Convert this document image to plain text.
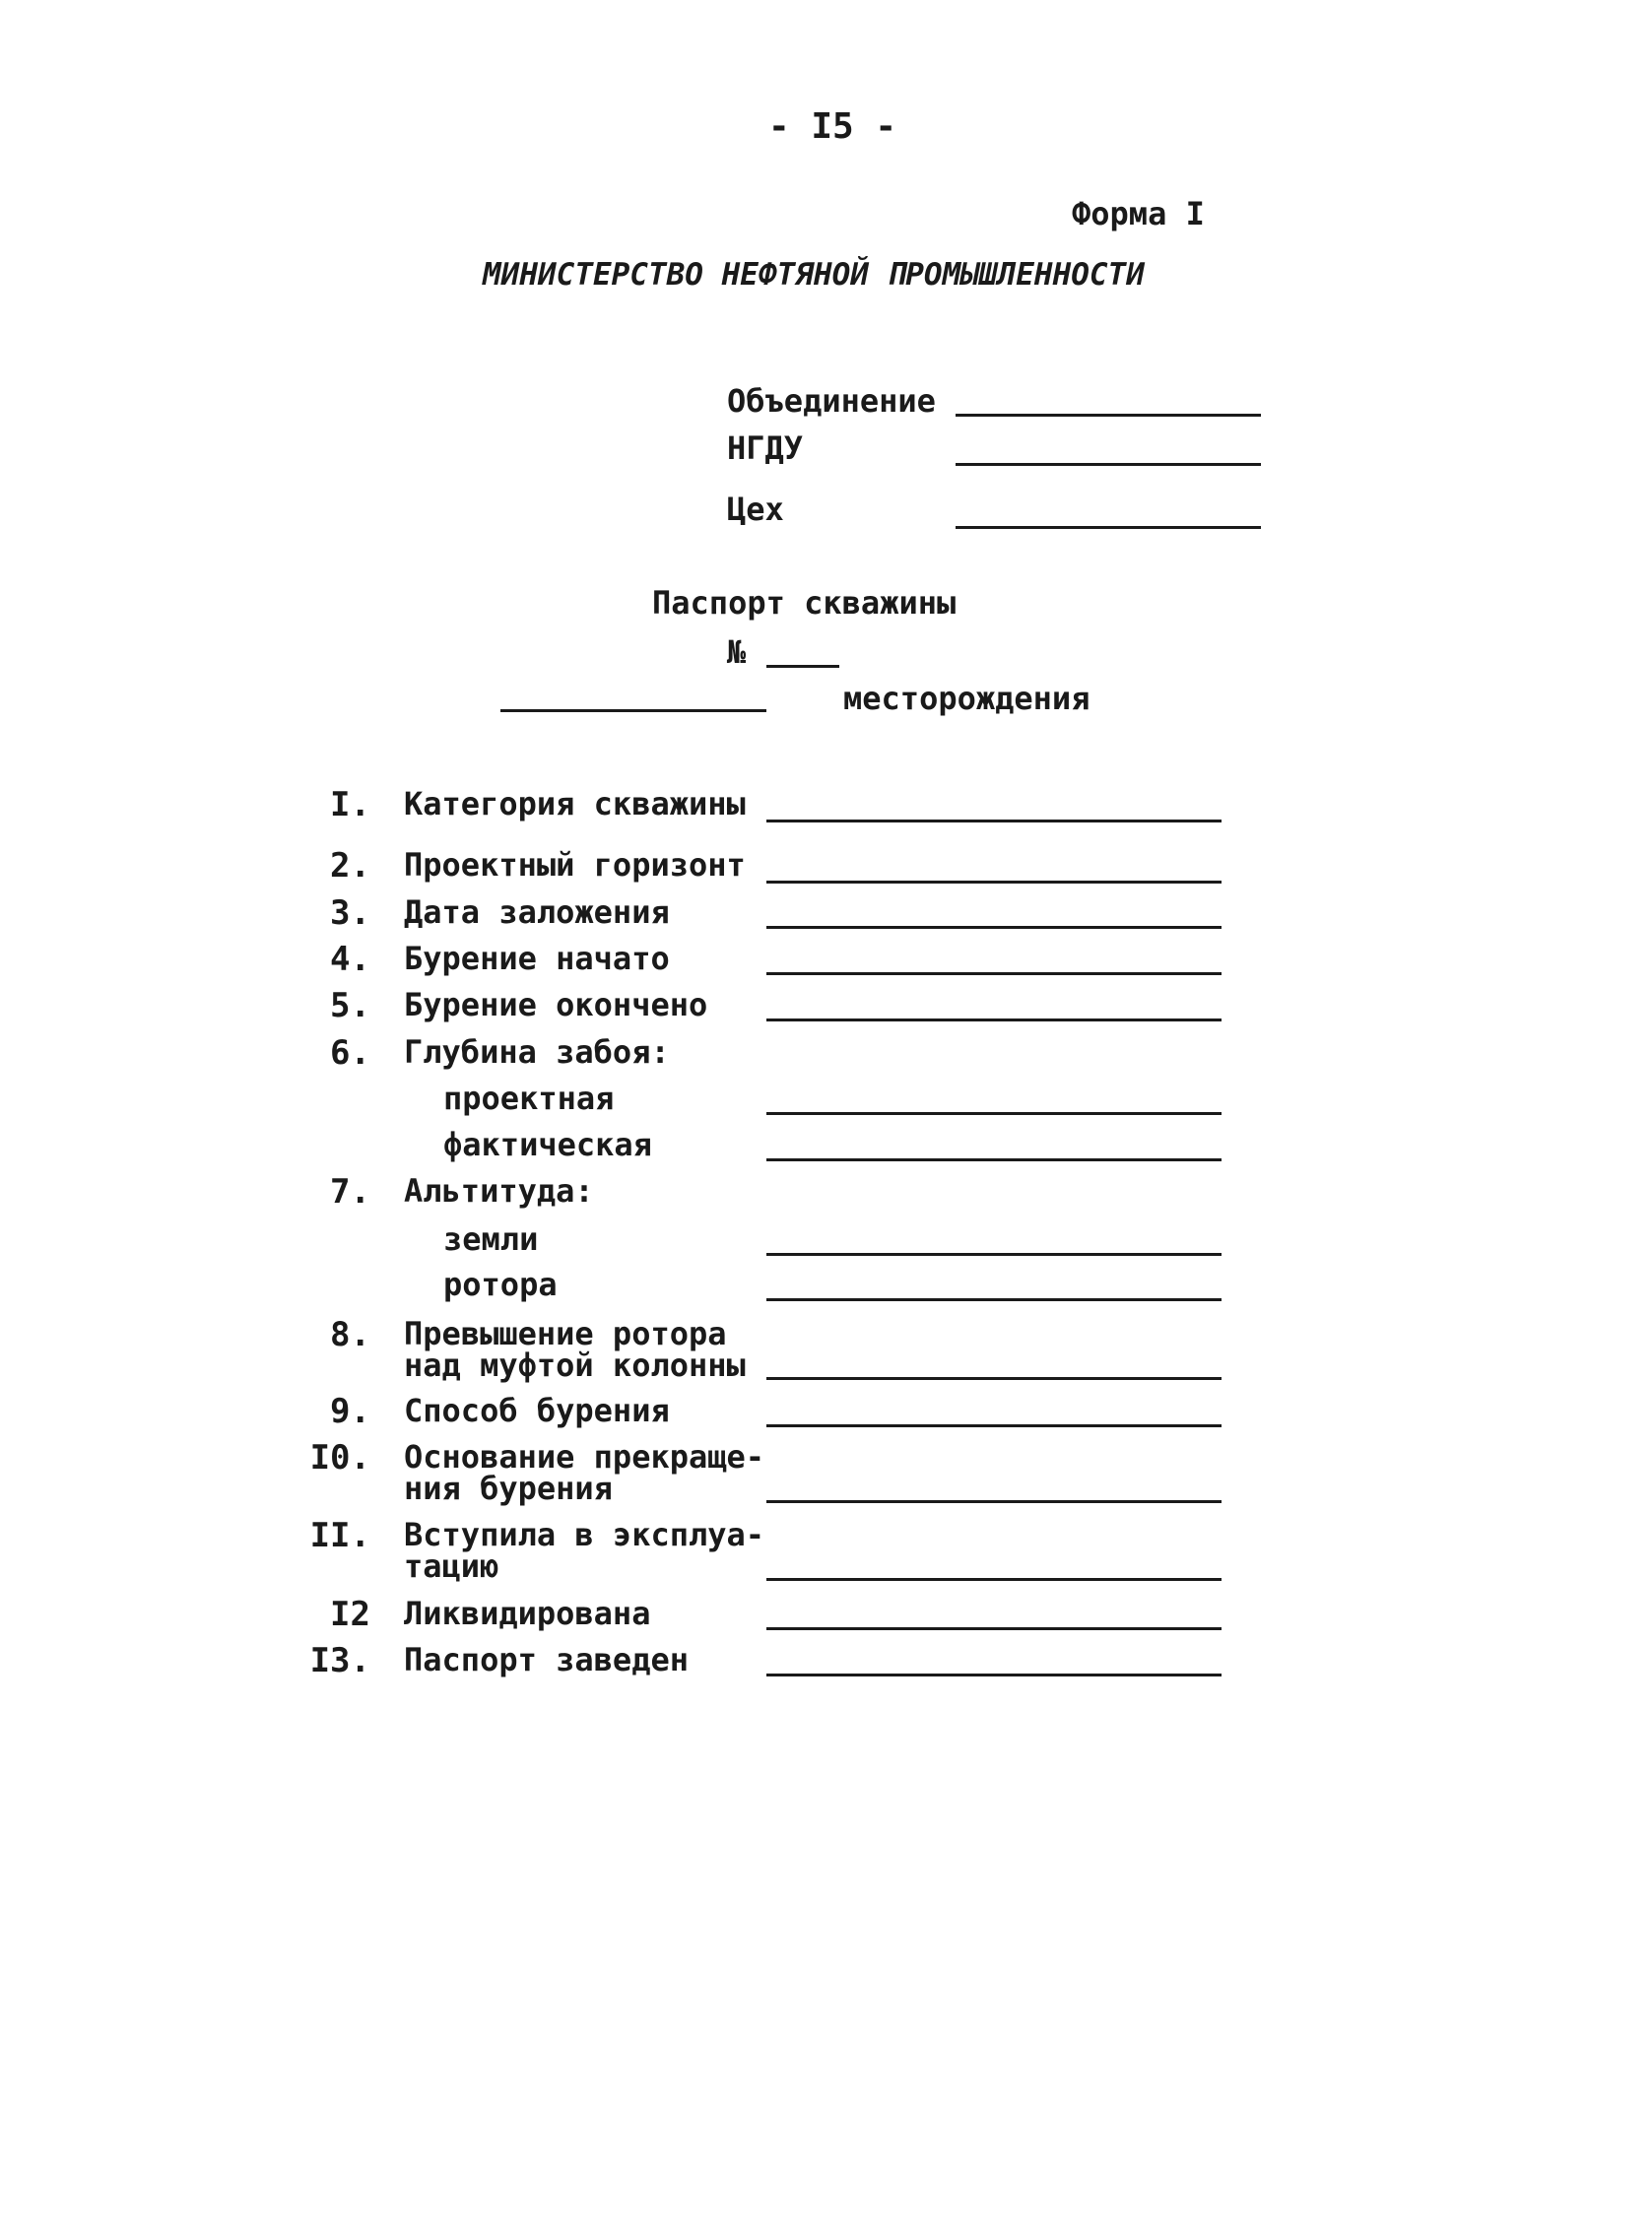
- I5 -
Форма I
МИНИСТЕРСТВО НЕФТЯНОЙ ПРОМЫШЛЕННОСТИ
Объединение
НГДУ
Цех
Паспорт скважины
№
месторождения
I. Категория скважины
2. Проектный горизонт
3. Дата заложения
4. Бурение начато
5. Бурение окончено
6. Глубина забоя:
проектная
фактическая
7. Альтитуда:
земли
ротора
8. Превышение ротора
над муфтой колонны
9. Способ бурения
I0. Основание прекраще-
ния бурения
II. Вступила в эксплуа-
тацию
I2 Ликвидирована
I3. Паспорт заведен
